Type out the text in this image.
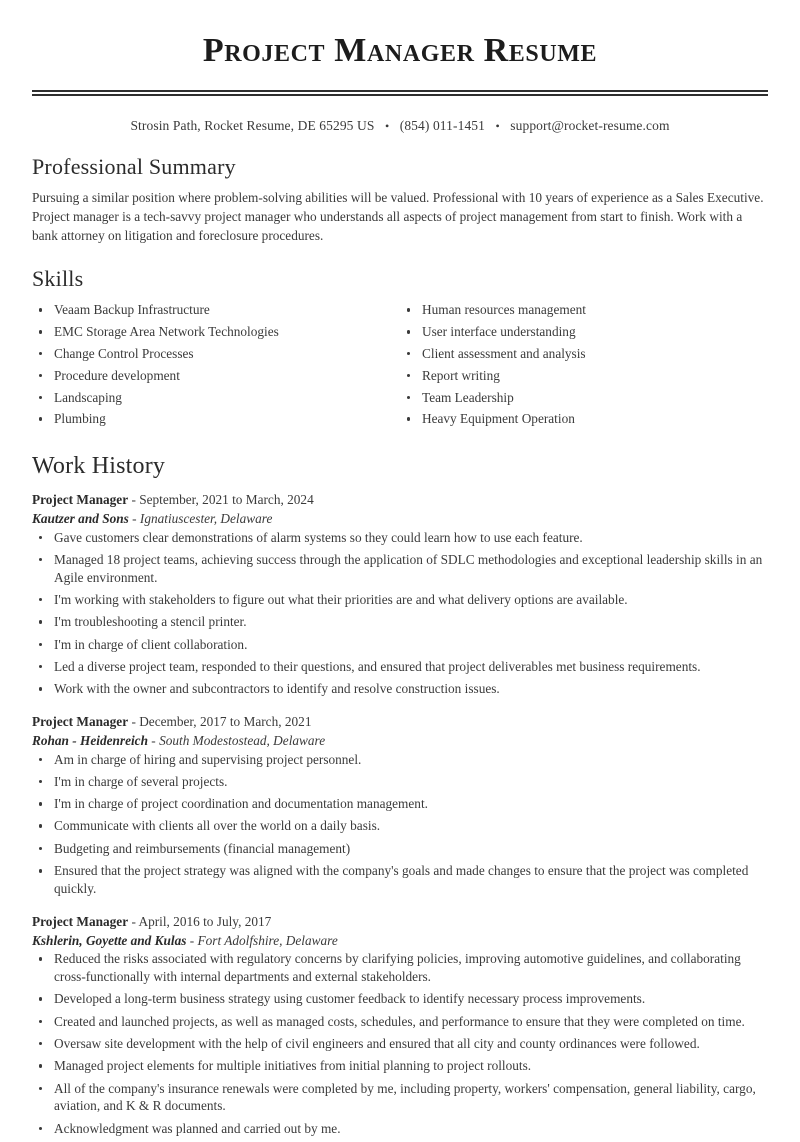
Project Manager Resume
Strosin Path, Rocket Resume, DE 65295 US • (854) 011-1451 • support@rocket-resume.com
Professional Summary

Pursuing a similar position where problem-solving abilities will be valued. Professional with 10 years of experience as a Sales Executive. Project manager is a tech-savvy project manager who understands all aspects of project management from start to finish. Work with a bank attorney on litigation and foreclosure procedures.

Skills
Veaam Backup Infrastructure
EMC Storage Area Network Technologies
Change Control Processes
Procedure development
Landscaping
Plumbing
Human resources management
User interface understanding
Client assessment and analysis
Report writing
Team Leadership
Heavy Equipment Operation
Work History
Project Manager - September, 2021 to March, 2024
Kautzer and Sons - Ignatiuscester, Delaware
Gave customers clear demonstrations of alarm systems so they could learn how to use each feature.
Managed 18 project teams, achieving success through the application of SDLC methodologies and exceptional leadership skills in an Agile environment.
I'm working with stakeholders to figure out what their priorities are and what delivery options are available.
I'm troubleshooting a stencil printer.
I'm in charge of client collaboration.
Led a diverse project team, responded to their questions, and ensured that project deliverables met business requirements.
Work with the owner and subcontractors to identify and resolve construction issues.
Project Manager - December, 2017 to March, 2021
Rohan - Heidenreich - South Modestostead, Delaware
Am in charge of hiring and supervising project personnel.
I'm in charge of several projects.
I'm in charge of project coordination and documentation management.
Communicate with clients all over the world on a daily basis.
Budgeting and reimbursements (financial management)
Ensured that the project strategy was aligned with the company's goals and made changes to ensure that the project was completed quickly.
Project Manager - April, 2016 to July, 2017
Kshlerin, Goyette and Kulas - Fort Adolfshire, Delaware
Reduced the risks associated with regulatory concerns by clarifying policies, improving automotive guidelines, and collaborating cross-functionally with internal departments and external stakeholders.
Developed a long-term business strategy using customer feedback to identify necessary process improvements.
Created and launched projects, as well as managed costs, schedules, and performance to ensure that they were completed on time.
Oversaw site development with the help of civil engineers and ensured that all city and county ordinances were followed.
Managed project elements for multiple initiatives from initial planning to project rollouts.
All of the company's insurance renewals were completed by me, including property, workers' compensation, general liability, cargo, aviation, and K & R documents.
Acknowledgment was planned and carried out by me.
